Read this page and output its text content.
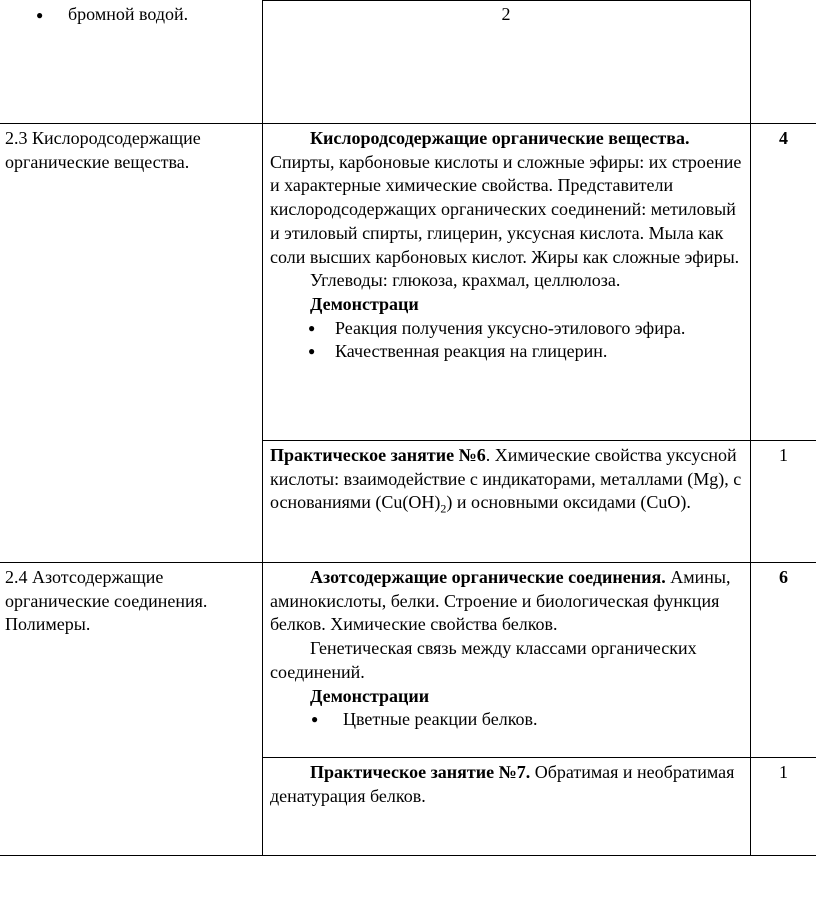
● бромной водой.	2

2.3 Кислородсодержащие органические вещества.

Кислородсодержащие органические вещества. Спирты, карбоновые кислоты и сложные эфиры: их строение и характерные химические свойства. Представители кислородсодержащих органических соединений: метиловый и этиловый спирты, глицерин, уксусная кислота. Мыла как соли высших карбоновых кислот. Жиры как сложные эфиры.

Углеводы: глюкоза, крахмал, целлюлоза.

Демонстраци

● Реакция получения уксусно-этилового эфира.
● Качественная реакция на глицерин.
4

Практическое занятие №6. Химические свойства уксусной кислоты: взаимодействие с индикаторами, металлами (Mg), с основаниями $(Cu(OH)_2)$ и основными оксидами (CuO).

1

2.4 Азотсодержащие органические соединения. Полимеры.

Азотсодержащие органические соединения. Амины, аминокислоты, белки. Строение и биологическая функция белков. Химические свойства белков.

Генетическая связь между классами органических соединений.

Демонстрации

● Цветные реакции белков.
6

Практическое занятие №7. Обратимая и необратимая денатурация белков.

1
